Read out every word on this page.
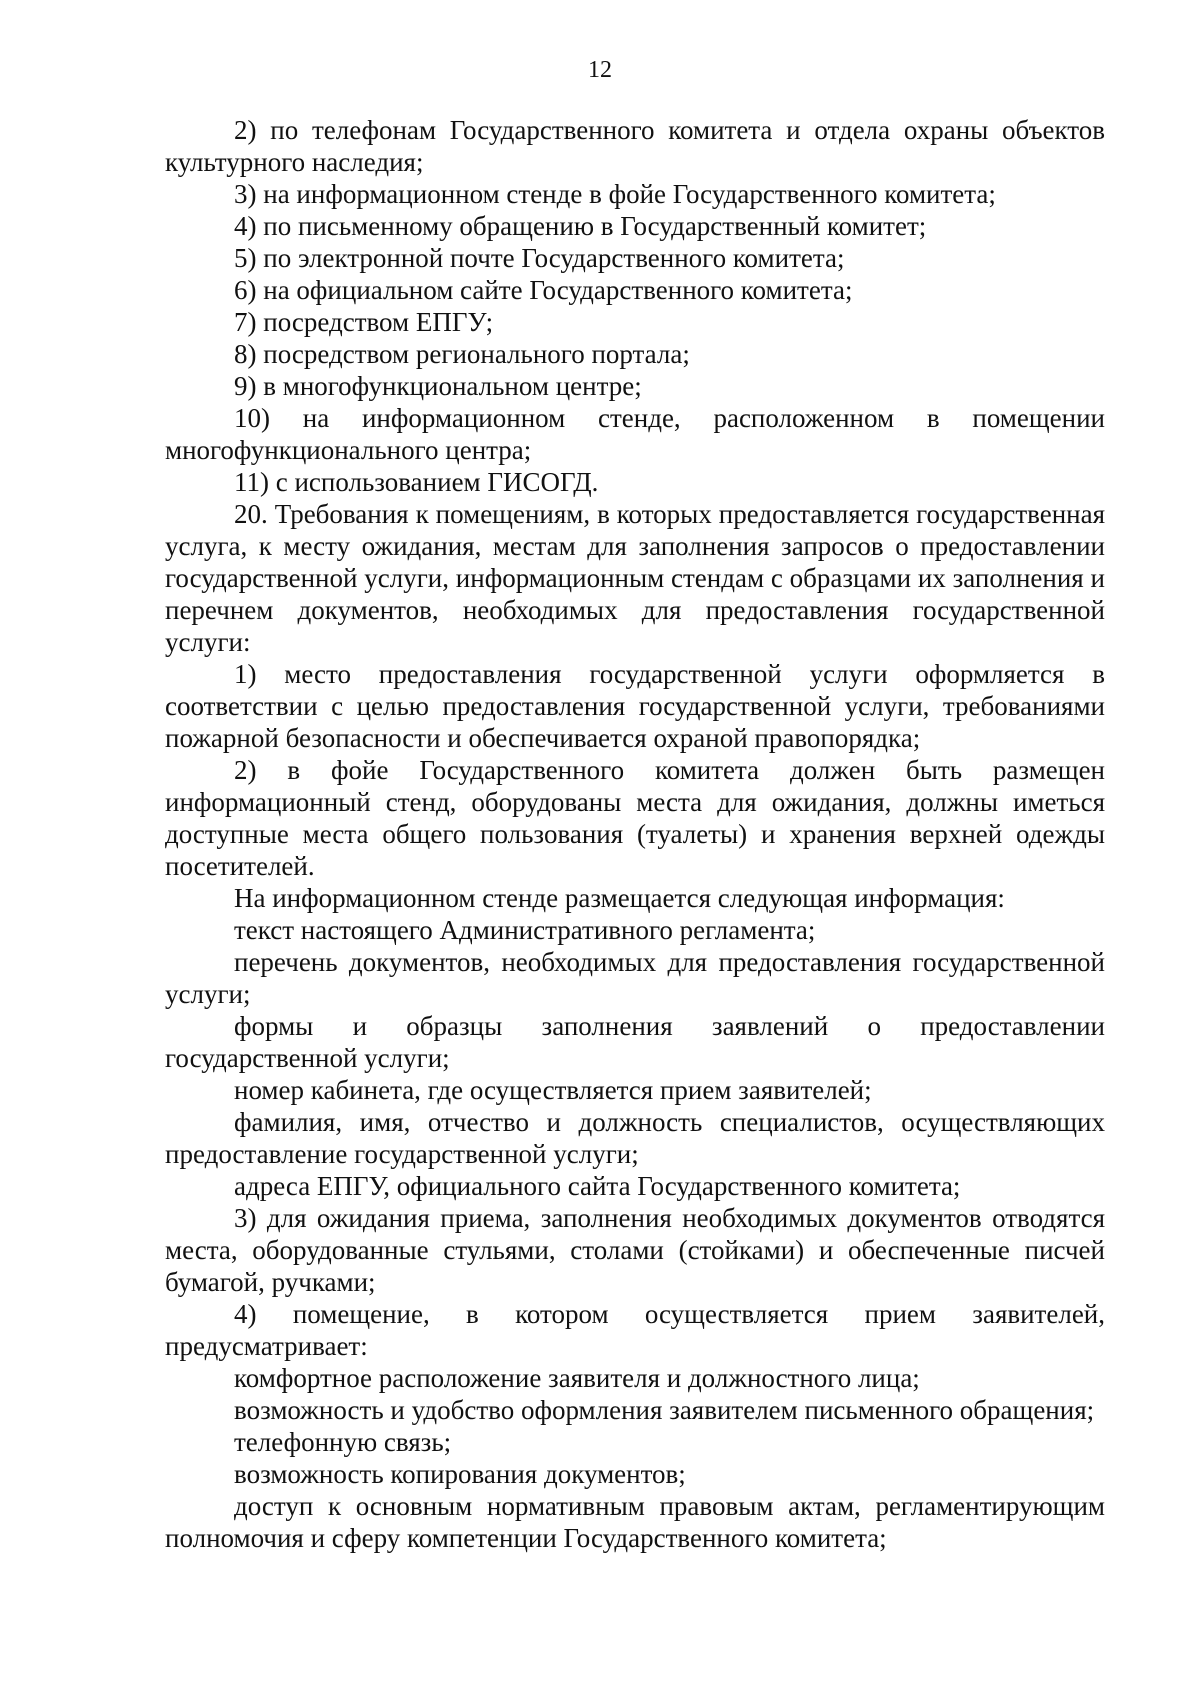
12

2) по телефонам Государственного комитета и отдела охраны объектов культурного наследия;

3) на информационном стенде в фойе Государственного комитета;

4) по письменному обращению в Государственный комитет;

5) по электронной почте Государственного комитета;

6) на официальном сайте Государственного комитета;

7) посредством ЕПГУ;

8) посредством регионального портала;

9) в многофункциональном центре;

10) на информационном стенде, расположенном в помещении многофункционального центра;

11) с использованием ГИСОГД.

20. Требования к помещениям, в которых предоставляется государственная услуга, к месту ожидания, местам для заполнения запросов о предоставлении государственной услуги, информационным стендам с образцами их заполнения и перечнем документов, необходимых для предоставления государственной услуги:

1) место предоставления государственной услуги оформляется в соответствии с целью предоставления государственной услуги, требованиями пожарной безопасности и обеспечивается охраной правопорядка;

2) в фойе Государственного комитета должен быть размещен информационный стенд, оборудованы места для ожидания, должны иметься доступные места общего пользования (туалеты) и хранения верхней одежды посетителей.

На информационном стенде размещается следующая информация:

текст настоящего Административного регламента;

перечень документов, необходимых для предоставления государственной услуги;

формы и образцы заполнения заявлений о предоставлении государственной услуги;

номер кабинета, где осуществляется прием заявителей;

фамилия, имя, отчество и должность специалистов, осуществляющих предоставление государственной услуги;

адреса ЕПГУ, официального сайта Государственного комитета;

3) для ожидания приема, заполнения необходимых документов отводятся места, оборудованные стульями, столами (стойками) и обеспеченные писчей бумагой, ручками;

4) помещение, в котором осуществляется прием заявителей, предусматривает:

комфортное расположение заявителя и должностного лица;

возможность и удобство оформления заявителем письменного обращения;

телефонную связь;

возможность копирования документов;

доступ к основным нормативным правовым актам, регламентирующим полномочия и сферу компетенции Государственного комитета;
